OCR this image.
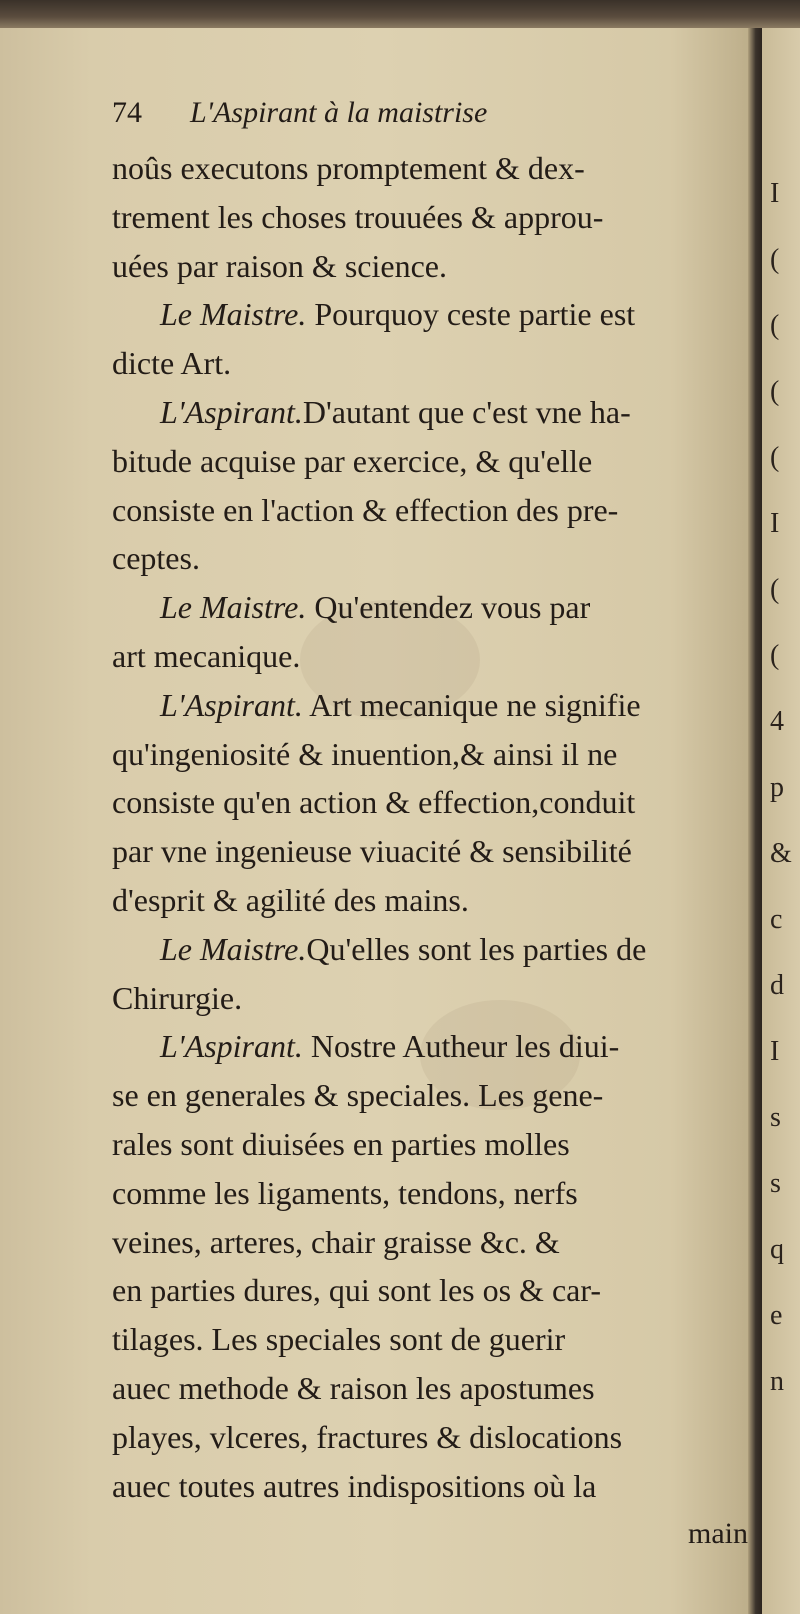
I
(
(
(
(
I
(
(
4
p
&
c
d
I
s
s
q
e
n
74 L'Aspirant à la maistrise
noûs executons promptement & dex-
trement les choses trouuées & approu-
uées par raison & science.
Le Maistre. Pourquoy ceste partie est
dicte Art.
L'Aspirant.D'autant que c'est vne ha-
bitude acquise par exercice, & qu'elle
consiste en l'action & effection des pre-
ceptes.
Le Maistre. Qu'entendez vous par
art mecanique.
L'Aspirant. Art mecanique ne signifie
qu'ingeniosité & inuention,& ainsi il ne
consiste qu'en action & effection,conduit
par vne ingenieuse viuacité & sensibilité
d'esprit & agilité des mains.
Le Maistre.Qu'elles sont les parties de
Chirurgie.
L'Aspirant. Nostre Autheur les diui-
se en generales & speciales. Les gene-
rales sont diuisées en parties molles
comme les ligaments, tendons, nerfs
veines, arteres, chair graisse &c. &
en parties dures, qui sont les os & car-
tilages. Les speciales sont de guerir
auec methode & raison les apostumes
playes, vlceres, fractures & dislocations
auec toutes autres indispositions où la
main
